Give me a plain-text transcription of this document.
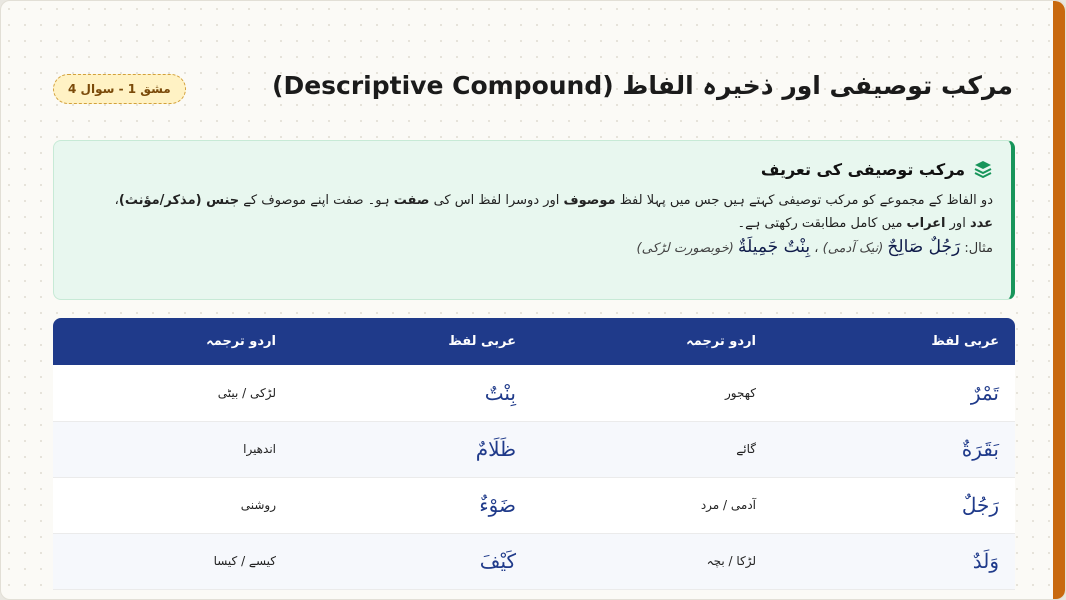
مرکب توصیفی اور ذخیرہ الفاظ (Descriptive Compound)
مشق 1 - سوال 4
مرکب توصیفی کی تعریف
دو الفاظ کے مجموعے کو مرکب توصیفی کہتے ہیں جس میں پہلا لفظ موصوف اور دوسرا لفظ اس کی صفت ہو۔ صفت اپنے موصوف کے جنس (مذکر/مؤنث)،
عدد اور اعراب میں کامل مطابقت رکھتی ہے۔
مثال: رَجُلٌ صَالِحٌ (نیک آدمی) ، بِنْتٌ جَمِيلَةٌ (خوبصورت لڑکی)
عربی لفظ	اردو ترجمہ	عربی لفظ	اردو ترجمہ
تَمْرٌ	کھجور	بِنْتٌ	لڑکی / بیٹی
بَقَرَةٌ	گائے	ظَلَامٌ	اندھیرا
رَجُلٌ	آدمی / مرد	ضَوْءٌ	روشنی
وَلَدٌ	لڑکا / بچہ	كَيْفَ	کیسے / کیسا
